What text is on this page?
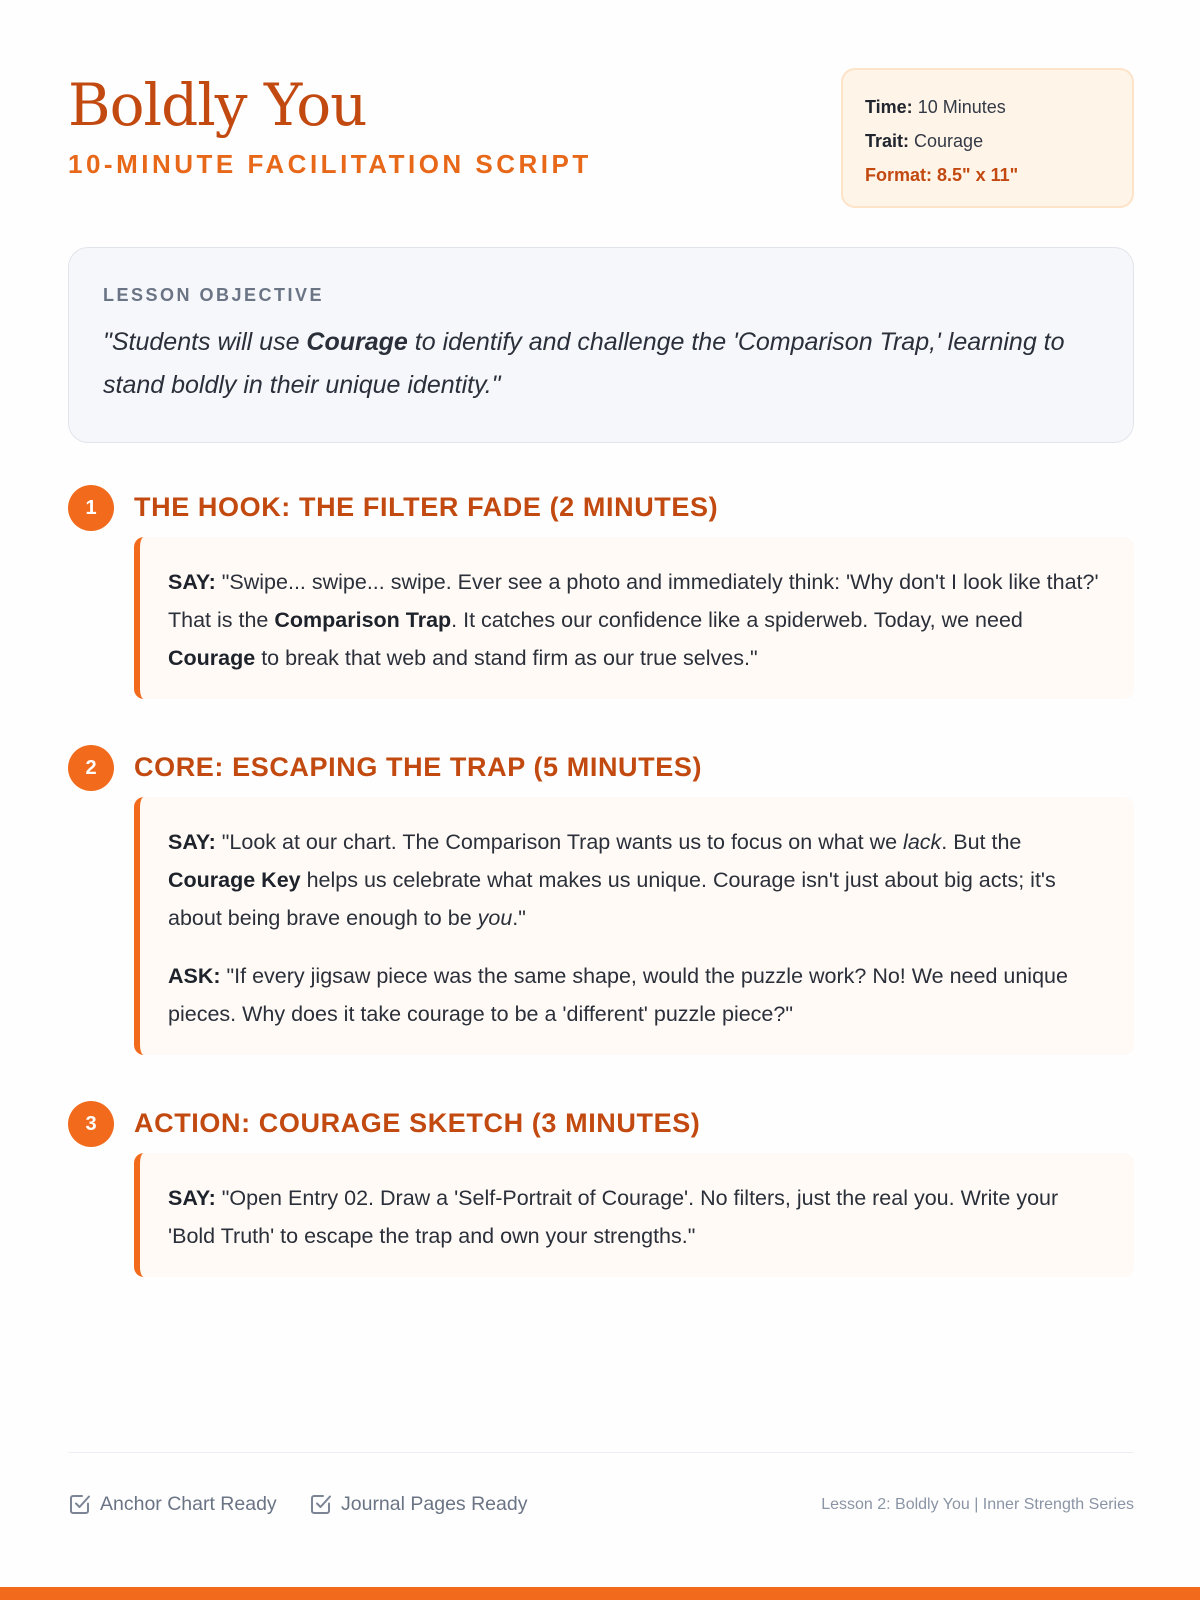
Boldly You
10-MINUTE FACILITATION SCRIPT
Time: 10 Minutes
Trait: Courage
Format: 8.5" x 11"
LESSON OBJECTIVE
"Students will use Courage to identify and challenge the 'Comparison Trap,' learning to stand boldly in their unique identity."
1	THE HOOK: THE FILTER FADE (2 MINUTES)

SAY: "Swipe... swipe... swipe. Ever see a photo and immediately think: 'Why don't I look like that?' That is the Comparison Trap. It catches our confidence like a spiderweb. Today, we need Courage to break that web and stand firm as our true selves."

2	CORE: ESCAPING THE TRAP (5 MINUTES)

SAY: "Look at our chart. The Comparison Trap wants us to focus on what we lack. But the Courage Key helps us celebrate what makes us unique. Courage isn't just about big acts; it's about being brave enough to be you."

ASK: "If every jigsaw piece was the same shape, would the puzzle work? No! We need unique pieces. Why does it take courage to be a 'different' puzzle piece?"

3	ACTION: COURAGE SKETCH (3 MINUTES)

SAY: "Open Entry 02. Draw a 'Self-Portrait of Courage'. No filters, just the real you. Write your 'Bold Truth' to escape the trap and own your strengths."

Anchor Chart Ready	Journal Pages Ready	Lesson 2: Boldly You | Inner Strength Series
